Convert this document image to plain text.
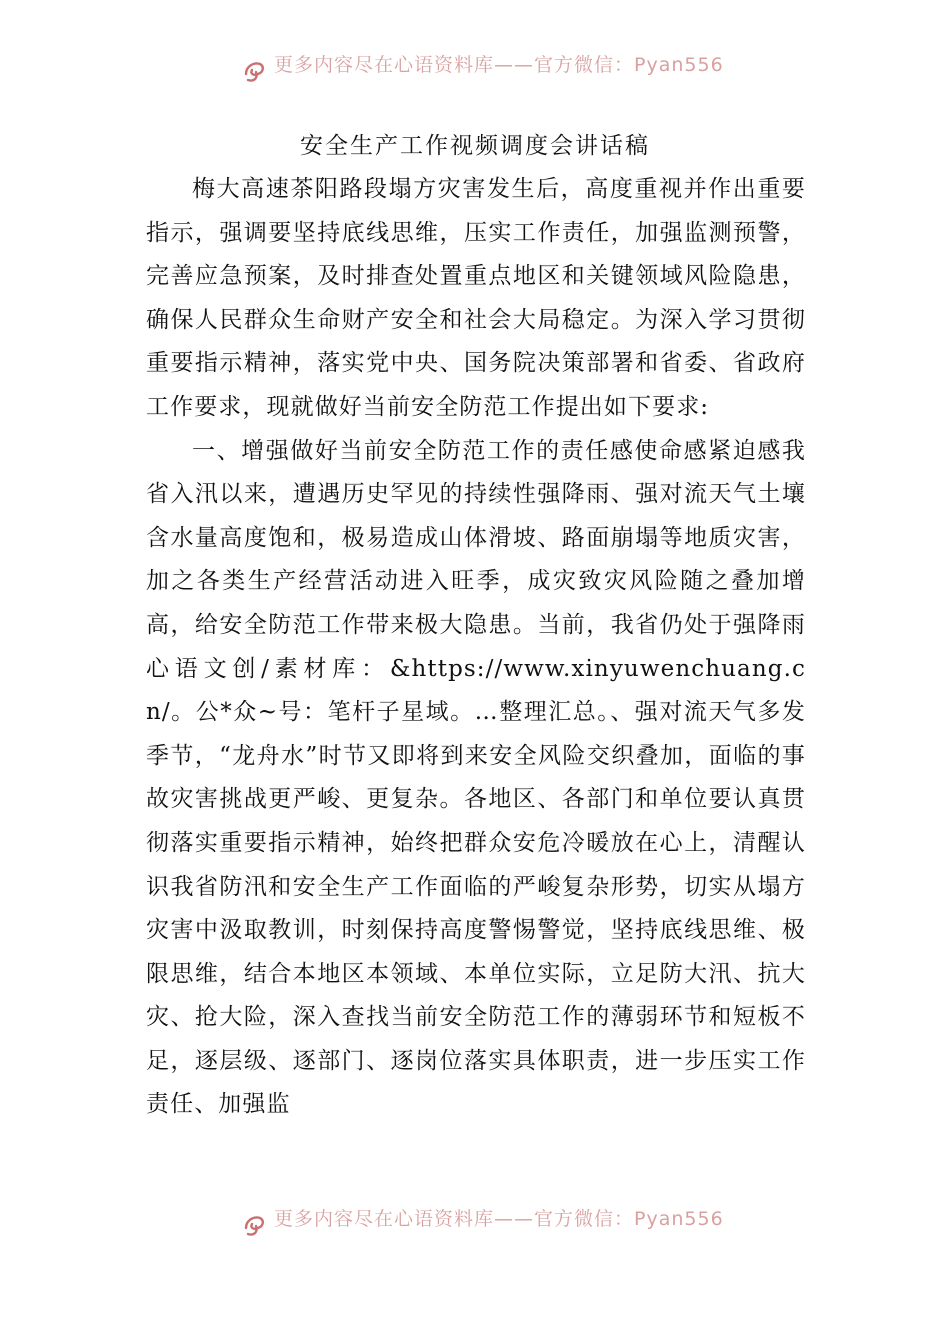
更多内容尽在心语资料库——官方微信：Pyan556
安全生产工作视频调度会讲话稿

梅大高速茶阳路段塌方灾害发生后，高度重视并作出重要指示，强调要坚持底线思维，压实工作责任，加强监测预警，完善应急预案，及时排查处置重点地区和关键领域风险隐患，确保人民群众生命财产安全和社会大局稳定。为深入学习贯彻重要指示精神，落实党中央、国务院决策部署和省委、省政府工作要求，现就做好当前安全防范工作提出如下要求:

一、增强做好当前安全防范工作的责任感使命感紧迫感我省入汛以来，遭遇历史罕见的持续性强降雨、强对流天气土壤含水量高度饱和，极易造成山体滑坡、路面崩塌等地质灾害，加之各类生产经营活动进入旺季，成灾致灾风险随之叠加增高，给安全防范工作带来极大隐患。当前，我省仍处于强降雨心语文创/素材库：&https://www.xinyuwenchuang.cn/。公*众~号：笔杆子星域。…整理汇总。、强对流天气多发季节，“龙舟水”时节又即将到来安全风险交织叠加，面临的事故灾害挑战更严峻、更复杂。各地区、各部门和单位要认真贯彻落实重要指示精神，始终把群众安危冷暖放在心上，清醒认识我省防汛和安全生产工作面临的严峻复杂形势，切实从塌方灾害中汲取教训，时刻保持高度警惕警觉，坚持底线思维、极限思维，结合本地区本领域、本单位实际，立足防大汛、抗大灾、抢大险，深入查找当前安全防范工作的薄弱环节和短板不足，逐层级、逐部门、逐岗位落实具体职责，进一步压实工作责任、加强监

更多内容尽在心语资料库——官方微信：Pyan556
